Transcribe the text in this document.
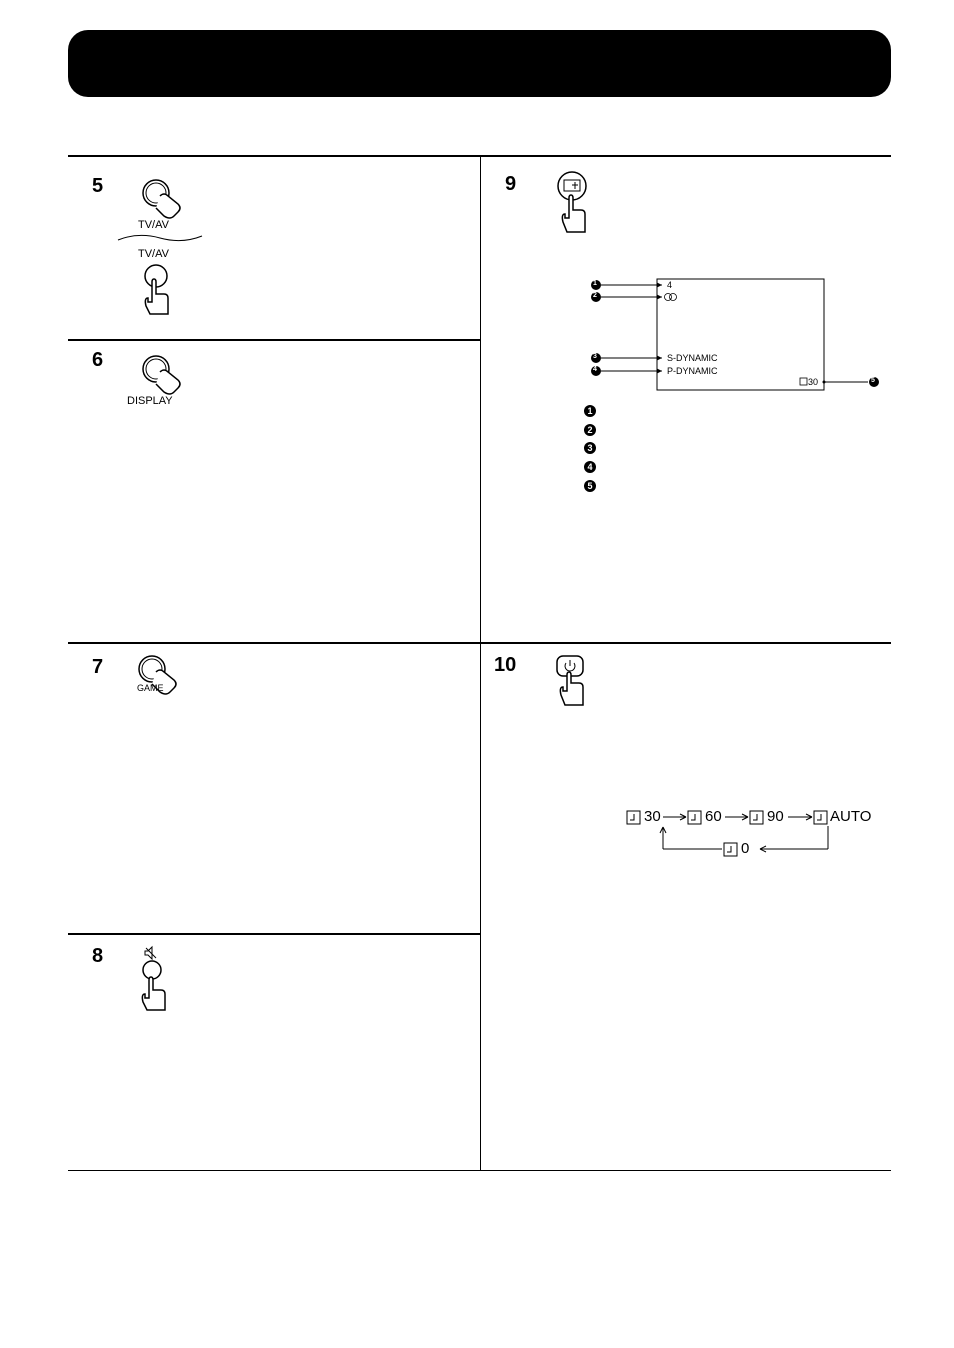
5
TV/AV
TV/AV
6
DISPLAY
7
GAME
8
9
1
2
3
4
5
4
S-DYNAMIC
P-DYNAMIC
30
1
2
3
4
5
10
30	60	90	AUTO
0
